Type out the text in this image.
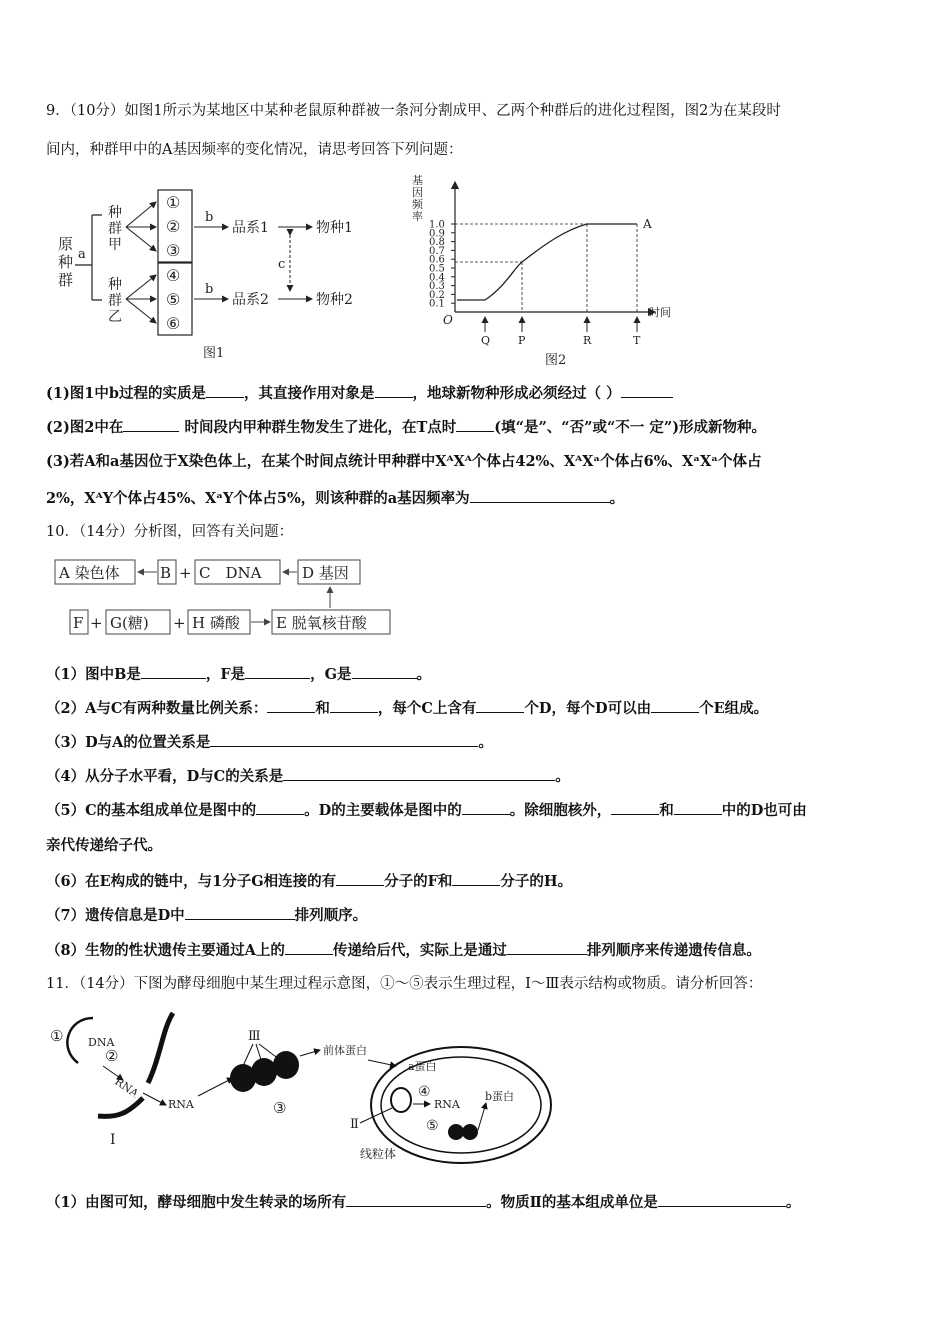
9．（10分）如图1所示为某地区中某种老鼠原种群被一条河分割成甲、乙两个种群后的进化过程图，图2为在某段时
间内，种群甲中的A基因频率的变化情况，请思考回答下列问题：
原
种
群
a
种
群
甲
种
群
乙
①
②
③
④
⑤
⑥
b
b
品系1
品系2
物种1
物种2
c
图1
基
因
频
率
1.0
0.9
0.8
0.7
0.6
0.5
0.4
0.3
0.2
0.1
O
时间
A
Q	P	R	T
图2
(1)图1中b过程的实质是	，其直接作用对象是	，地球新物种形成必须经过（ ）
(2)图2中在	时间段内甲种群生物发生了进化，在T点时	(填“是”、“否”或“不一 定”)形成新物种。
(3)若A和a基因位于X染色体上，在某个时间点统计甲种群中XᴬXᴬ个体占42%、XᴬXᵃ个体占6%、XᵃXᵃ个体占
2%，XᴬY个体占45%、XᵃY个体占5%，则该种群的a基因频率为	。
10．（14分）分析图，回答有关问题：
A 染色体	B + C　DNA	D 基因
F + G(糖) + H 磷酸 E 脱氧核苷酸
（1）图中B是	，F是	，G是	。
（2）A与C有两种数量比例关系：	和	，每个C上含有	个D，每个D可以由	个E组成。
（3）D与A的位置关系是	。
（4）从分子水平看，D与C的关系是	。
（5）C的基本组成单位是图中的	。D的主要载体是图中的	。除细胞核外，	和	中的D也可由
亲代传递给子代。
（6）在E构成的链中，与1分子G相连接的有	分子的F和	分子的H。
（7）遗传信息是D中	排列顺序。
（8）生物的性状遗传主要通过A上的	传递给后代，实际上是通过	排列顺序来传递遗传信息。
11．（14分）下图为酵母细胞中某生理过程示意图，①～⑤表示生理过程，Ⅰ～Ⅲ表示结构或物质。请分析回答：
① DNA
②
RNA
Ⅰ
RNA
Ⅲ
③
前体蛋白
a蛋白
④
RNA
⑤
b蛋白
Ⅱ
线粒体
（1）由图可知，酵母细胞中发生转录的场所有	。物质Ⅱ的基本组成单位是	。
